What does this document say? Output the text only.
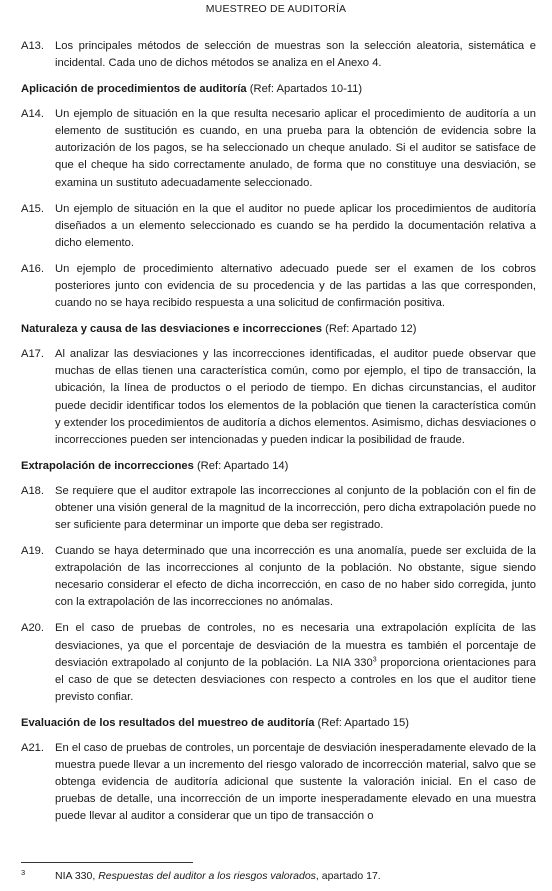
MUESTREO DE AUDITORÍA
A13. Los principales métodos de selección de muestras son la selección aleatoria, sistemática e incidental. Cada uno de dichos métodos se analiza en el Anexo 4.
Aplicación de procedimientos de auditoría (Ref: Apartados 10-11)
A14. Un ejemplo de situación en la que resulta necesario aplicar el procedimiento de auditoría a un elemento de sustitución es cuando, en una prueba para la obtención de evidencia sobre la autorización de los pagos, se ha seleccionado un cheque anulado. Si el auditor se satisface de que el cheque ha sido correctamente anulado, de forma que no constituye una desviación, se examina un sustituto adecuadamente seleccionado.
A15. Un ejemplo de situación en la que el auditor no puede aplicar los procedimientos de auditoría diseñados a un elemento seleccionado es cuando se ha perdido la documentación relativa a dicho elemento.
A16. Un ejemplo de procedimiento alternativo adecuado puede ser el examen de los cobros posteriores junto con evidencia de su procedencia y de las partidas a las que corresponden, cuando no se haya recibido respuesta a una solicitud de confirmación positiva.
Naturaleza y causa de las desviaciones e incorrecciones (Ref: Apartado 12)
A17. Al analizar las desviaciones y las incorrecciones identificadas, el auditor puede observar que muchas de ellas tienen una característica común, como por ejemplo, el tipo de transacción, la ubicación, la línea de productos o el periodo de tiempo. En dichas circunstancias, el auditor puede decidir identificar todos los elementos de la población que tienen la característica común y extender los procedimientos de auditoría a dichos elementos. Asimismo, dichas desviaciones o incorrecciones pueden ser intencionadas y pueden indicar la posibilidad de fraude.
Extrapolación de incorrecciones (Ref: Apartado 14)
A18. Se requiere que el auditor extrapole las incorrecciones al conjunto de la población con el fin de obtener una visión general de la magnitud de la incorrección, pero dicha extrapolación puede no ser suficiente para determinar un importe que deba ser registrado.
A19. Cuando se haya determinado que una incorrección es una anomalía, puede ser excluida de la extrapolación de las incorrecciones al conjunto de la población. No obstante, sigue siendo necesario considerar el efecto de dicha incorrección, en caso de no haber sido corregida, junto con la extrapolación de las incorrecciones no anómalas.
A20. En el caso de pruebas de controles, no es necesaria una extrapolación explícita de las desviaciones, ya que el porcentaje de desviación de la muestra es también el porcentaje de desviación extrapolado al conjunto de la población. La NIA $330^3$ proporciona orientaciones para el caso de que se detecten desviaciones con respecto a controles en los que el auditor tiene previsto confiar.
Evaluación de los resultados del muestreo de auditoría (Ref: Apartado 15)
A21. En el caso de pruebas de controles, un porcentaje de desviación inesperadamente elevado de la muestra puede llevar a un incremento del riesgo valorado de incorrección material, salvo que se obtenga evidencia de auditoría adicional que sustente la valoración inicial. En el caso de pruebas de detalle, una incorrección de un importe inesperadamente elevado en una muestra puede llevar al auditor a considerar que un tipo de transacción o
3	NIA 330, Respuestas del auditor a los riesgos valorados, apartado 17.
